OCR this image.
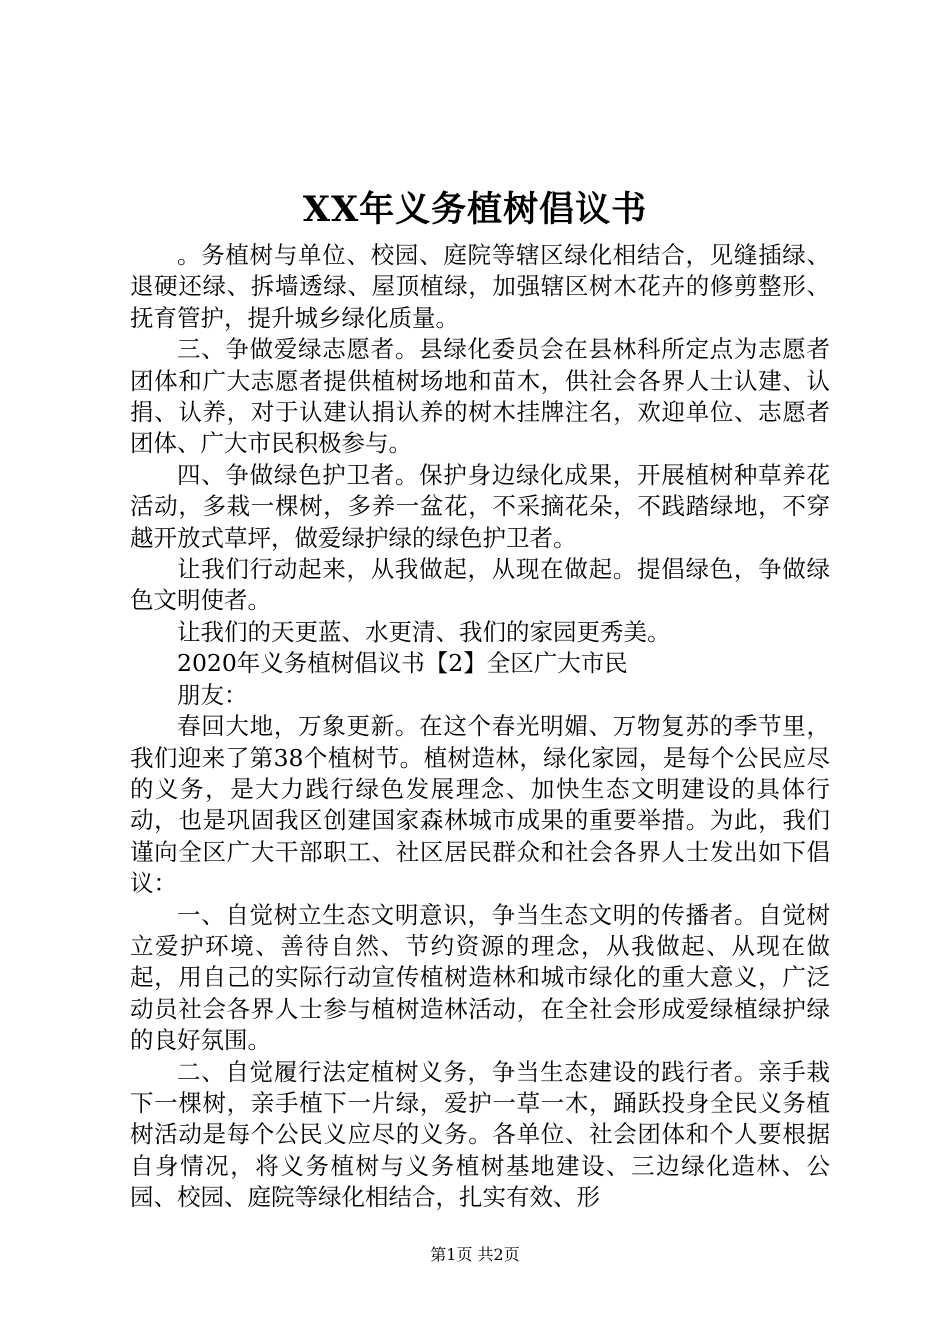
XX年义务植树倡议书

。务植树与单位、校园、庭院等辖区绿化相结合，见缝插绿、退硬还绿、拆墙透绿、屋顶植绿，加强辖区树木花卉的修剪整形、抚育管护，提升城乡绿化质量。

三、争做爱绿志愿者。县绿化委员会在县林科所定点为志愿者团体和广大志愿者提供植树场地和苗木，供社会各界人士认建、认捐、认养，对于认建认捐认养的树木挂牌注名，欢迎单位、志愿者团体、广大市民积极参与。

四、争做绿色护卫者。保护身边绿化成果，开展植树种草养花活动，多栽一棵树，多养一盆花，不采摘花朵，不践踏绿地，不穿越开放式草坪，做爱绿护绿的绿色护卫者。

让我们行动起来，从我做起，从现在做起。提倡绿色，争做绿色文明使者。

让我们的天更蓝、水更清、我们的家园更秀美。

2020年义务植树倡议书【2】全区广大市民

朋友：

春回大地，万象更新。在这个春光明媚、万物复苏的季节里，我们迎来了第38个植树节。植树造林，绿化家园，是每个公民应尽的义务，是大力践行绿色发展理念、加快生态文明建设的具体行动，也是巩固我区创建国家森林城市成果的重要举措。为此，我们谨向全区广大干部职工、社区居民群众和社会各界人士发出如下倡议：

一、自觉树立生态文明意识，争当生态文明的传播者。自觉树立爱护环境、善待自然、节约资源的理念，从我做起、从现在做起，用自己的实际行动宣传植树造林和城市绿化的重大意义，广泛动员社会各界人士参与植树造林活动，在全社会形成爱绿植绿护绿的良好氛围。

二、自觉履行法定植树义务，争当生态建设的践行者。亲手栽下一棵树，亲手植下一片绿，爱护一草一木，踊跃投身全民义务植树活动是每个公民义应尽的义务。各单位、社会团体和个人要根据自身情况，将义务植树与义务植树基地建设、三边绿化造林、公园、校园、庭院等绿化相结合，扎实有效、形

第1页 共2页
